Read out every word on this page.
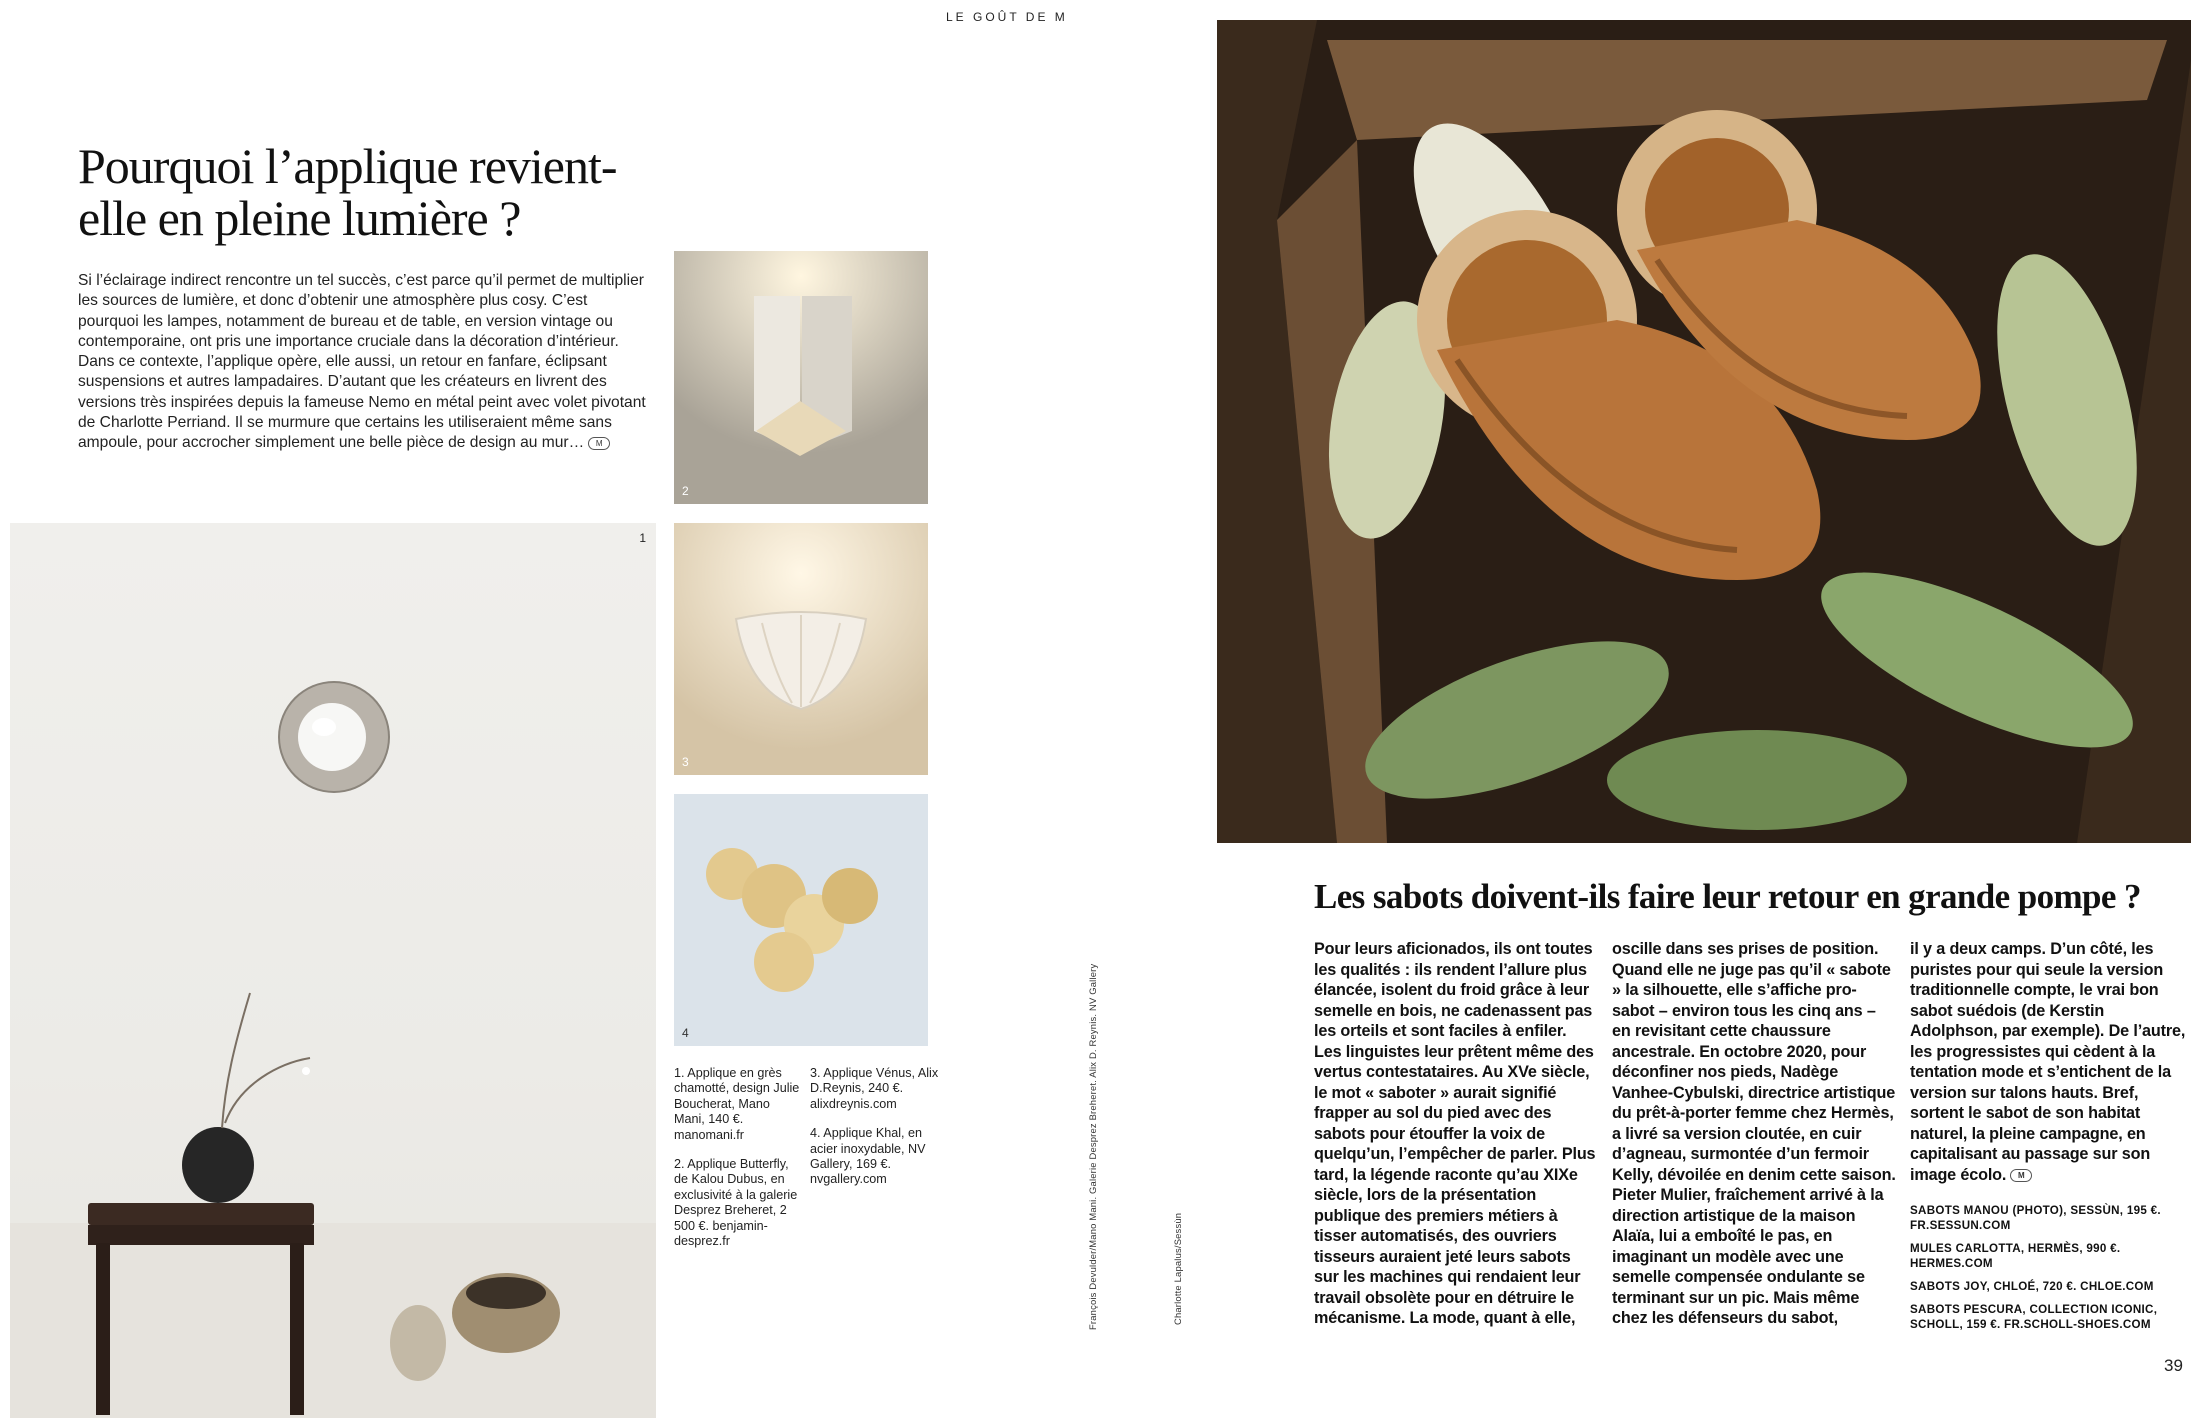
LE GOÛT DE M
Pourquoi l’applique revient-elle en pleine lumière ?

Si l’éclairage indirect rencontre un tel succès, c’est parce qu’il permet de multiplier les sources de lumière, et donc d’obtenir une atmosphère plus cosy. C’est pourquoi les lampes, notamment de bureau et de table, en version vintage ou contemporaine, ont pris une importance cruciale dans la décoration d’intérieur. Dans ce contexte, l’applique opère, elle aussi, un retour en fanfare, éclipsant suspensions et autres lampadaires. D’autant que les créateurs en livrent des versions très inspirées depuis la fameuse Nemo en métal peint avec volet pivotant de Charlotte Perriand. Il se murmure que certains les utiliseraient même sans ampoule, pour accrocher simplement une belle pièce de design au mur… M

1
2
3
4

1. Applique en grès chamotté, design Julie Boucherat, Mano Mani, 140 €. manomani.fr

2. Applique Butterfly, de Kalou Dubus, en exclusivité à la galerie Desprez Breheret, 2 500 €. benjamin-desprez.fr

3. Applique Vénus, Alix D.Reynis, 240 €. alixdreynis.com

4. Applique Khal, en acier inoxydable, NV Gallery, 169 €. nvgallery.com	François Devulder/Mano Mani. Galerie Desprez Breheret. Alix D. Reynis. NV Gallery	Charlotte Lapalus/Sessùn
Les sabots doivent-ils faire leur retour en grande pompe ?

Pour leurs aficionados, ils ont toutes les qualités : ils rendent l’allure plus élancée, isolent du froid grâce à leur semelle en bois, ne cadenassent pas les orteils et sont faciles à enfiler. Les linguistes leur prêtent même des vertus contestataires. Au XVe siècle, le mot « saboter » aurait signifié frapper au sol du pied avec des sabots pour étouffer la voix de quelqu’un, l’empêcher de parler. Plus tard, la légende raconte qu’au XIXe siècle, lors de la présentation publique des premiers métiers à tisser automatisés, des ouvriers tisseurs auraient jeté leurs sabots sur les machines qui rendaient leur travail obsolète pour en détruire le mécanisme. La mode, quant à elle,

oscille dans ses prises de position. Quand elle ne juge pas qu’il « sabote » la silhouette, elle s’affiche pro-sabot – environ tous les cinq ans – en revisitant cette chaussure ancestrale. En octobre 2020, pour déconfiner nos pieds, Nadège Vanhee-Cybulski, directrice artistique du prêt-à-porter femme chez Hermès, a livré sa version cloutée, en cuir d’agneau, surmontée d’un fermoir Kelly, dévoilée en denim cette saison. Pieter Mulier, fraîchement arrivé à la direction artistique de la maison Alaïa, lui a emboîté le pas, en imaginant un modèle avec une semelle compensée ondulante se terminant sur un pic. Mais même chez les défenseurs du sabot,

il y a deux camps. D’un côté, les puristes pour qui seule la version traditionnelle compte, le vrai bon sabot suédois (de Kerstin Adolphson, par exemple). De l’autre, les progressistes qui cèdent à la tentation mode et s’entichent de la version sur talons hauts. Bref, sortent le sabot de son habitat naturel, la pleine campagne, en capitalisant au passage sur son image écolo. M

SABOTS MANOU (PHOTO), SESSÙN, 195 €. FR.SESSUN.COM

MULES CARLOTTA, HERMÈS, 990 €. HERMES.COM

SABOTS JOY, CHLOÉ, 720 €. CHLOE.COM

SABOTS PESCURA, COLLECTION ICONIC, SCHOLL, 159 €. FR.SCHOLL-SHOES.COM

39
